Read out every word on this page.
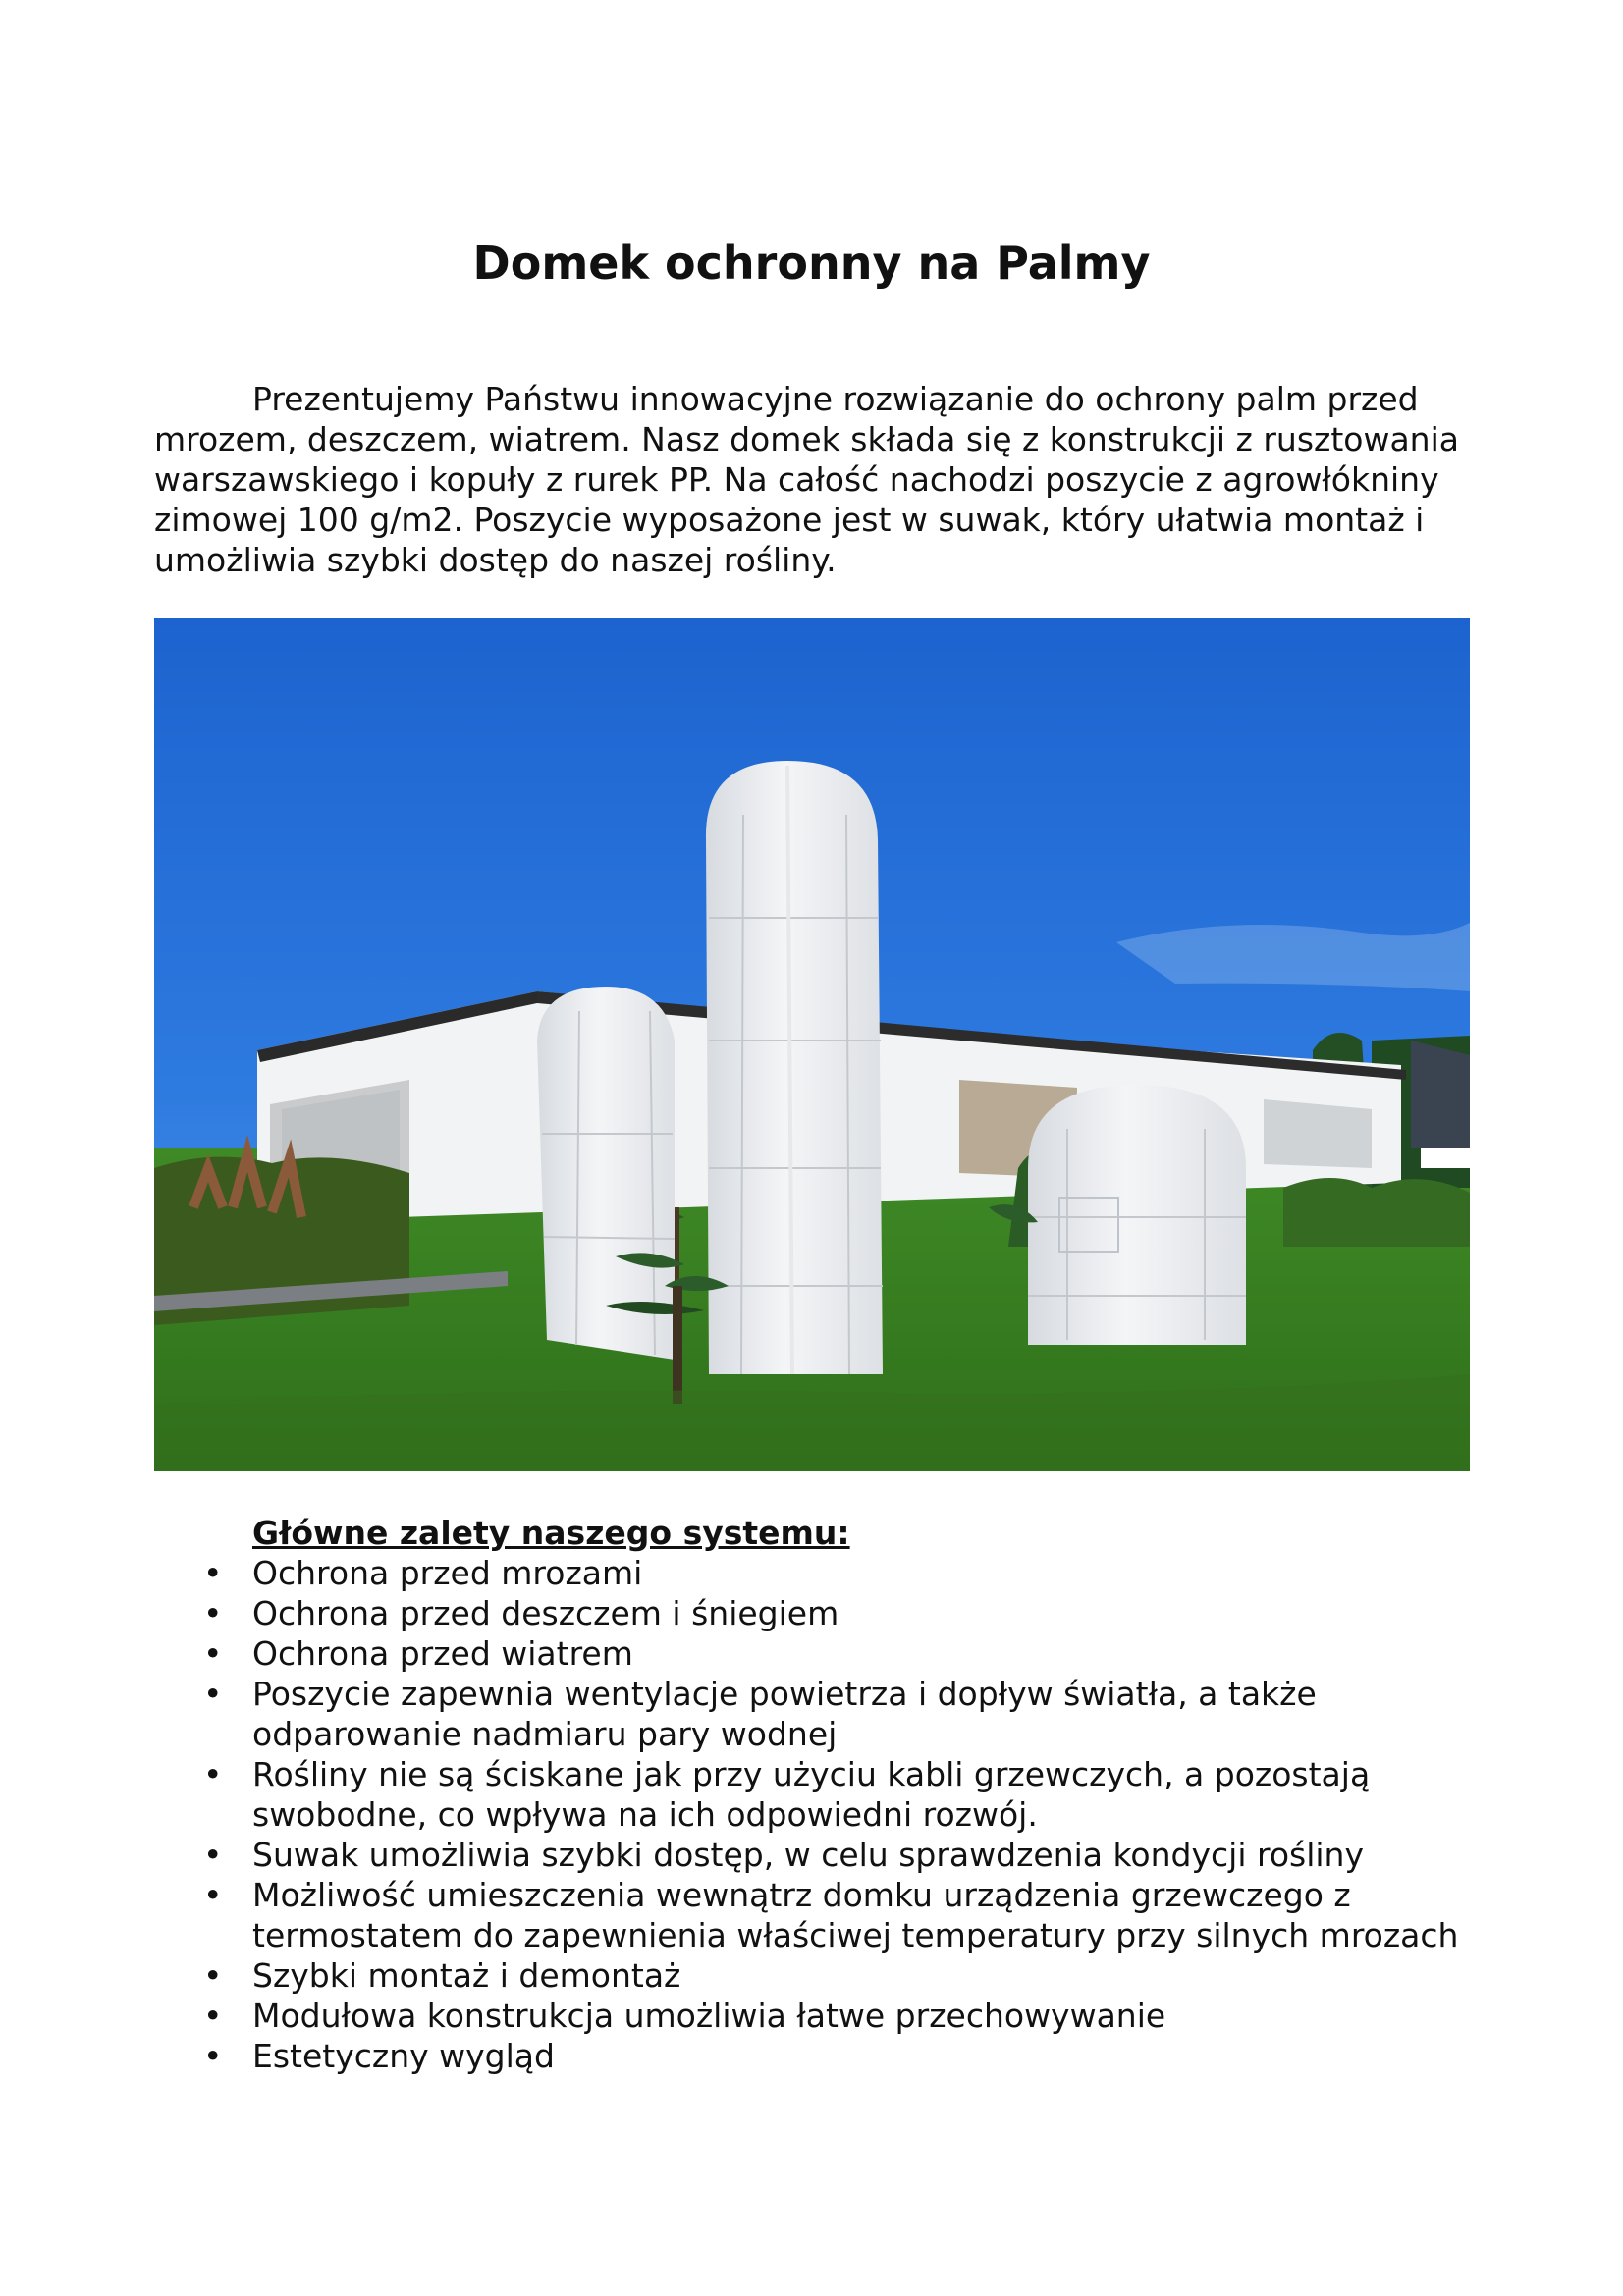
Domek ochronny na Palmy

Prezentujemy Państwu innowacyjne rozwiązanie do ochrony palm przed mrozem, deszczem, wiatrem. Nasz domek składa się z konstrukcji z rusztowania warszawskiego i kopuły z rurek PP. Na całość nachodzi poszycie z agrowłókniny zimowej 100 g/m2. Poszycie wyposażone jest w suwak, który ułatwia montaż i umożliwia szybki dostęp do naszej rośliny.

Główne zalety naszego systemu:

• Ochrona przed mrozami
• Ochrona przed deszczem i śniegiem
• Ochrona przed wiatrem
• Poszycie zapewnia wentylacje powietrza i dopływ światła, a także odparowanie nadmiaru pary wodnej
• Rośliny nie są ściskane jak przy użyciu kabli grzewczych, a pozostają swobodne, co wpływa na ich odpowiedni rozwój.
• Suwak umożliwia szybki dostęp, w celu sprawdzenia kondycji rośliny
• Możliwość umieszczenia wewnątrz domku urządzenia grzewczego z termostatem do zapewnienia właściwej temperatury przy silnych mrozach
• Szybki montaż i demontaż
• Modułowa konstrukcja umożliwia łatwe przechowywanie
• Estetyczny wygląd
